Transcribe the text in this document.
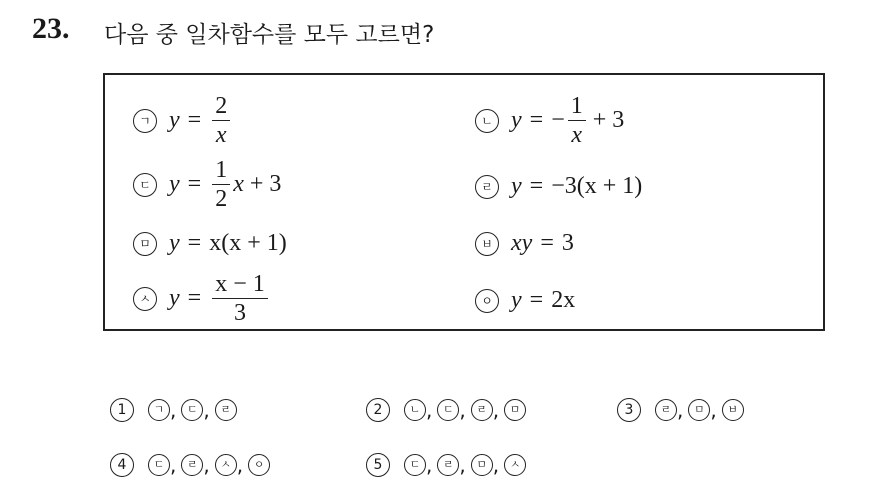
23. 다음 중 일차함수를 모두 고르면?
ㄱ $y = \frac{2}{x}$	ㄴ y = − $\frac{1}{x} + 3$
ㄷ $y = \frac{1}{2}$ x + 3	ㄹ y = −3(x + 1)
ㅁ y = x(x + 1)	ㅂ xy = 3
ㅅ $y = \frac{x - 1}{3}$	ㅇ y = 2x
1	ㄱ , ㄷ , ㄹ	2	ㄴ , ㄷ , ㄹ , ㅁ	3	ㄹ , ㅁ , ㅂ
4	ㄷ , ㄹ , ㅅ , ㅇ	5	ㄷ , ㄹ , ㅁ , ㅅ
